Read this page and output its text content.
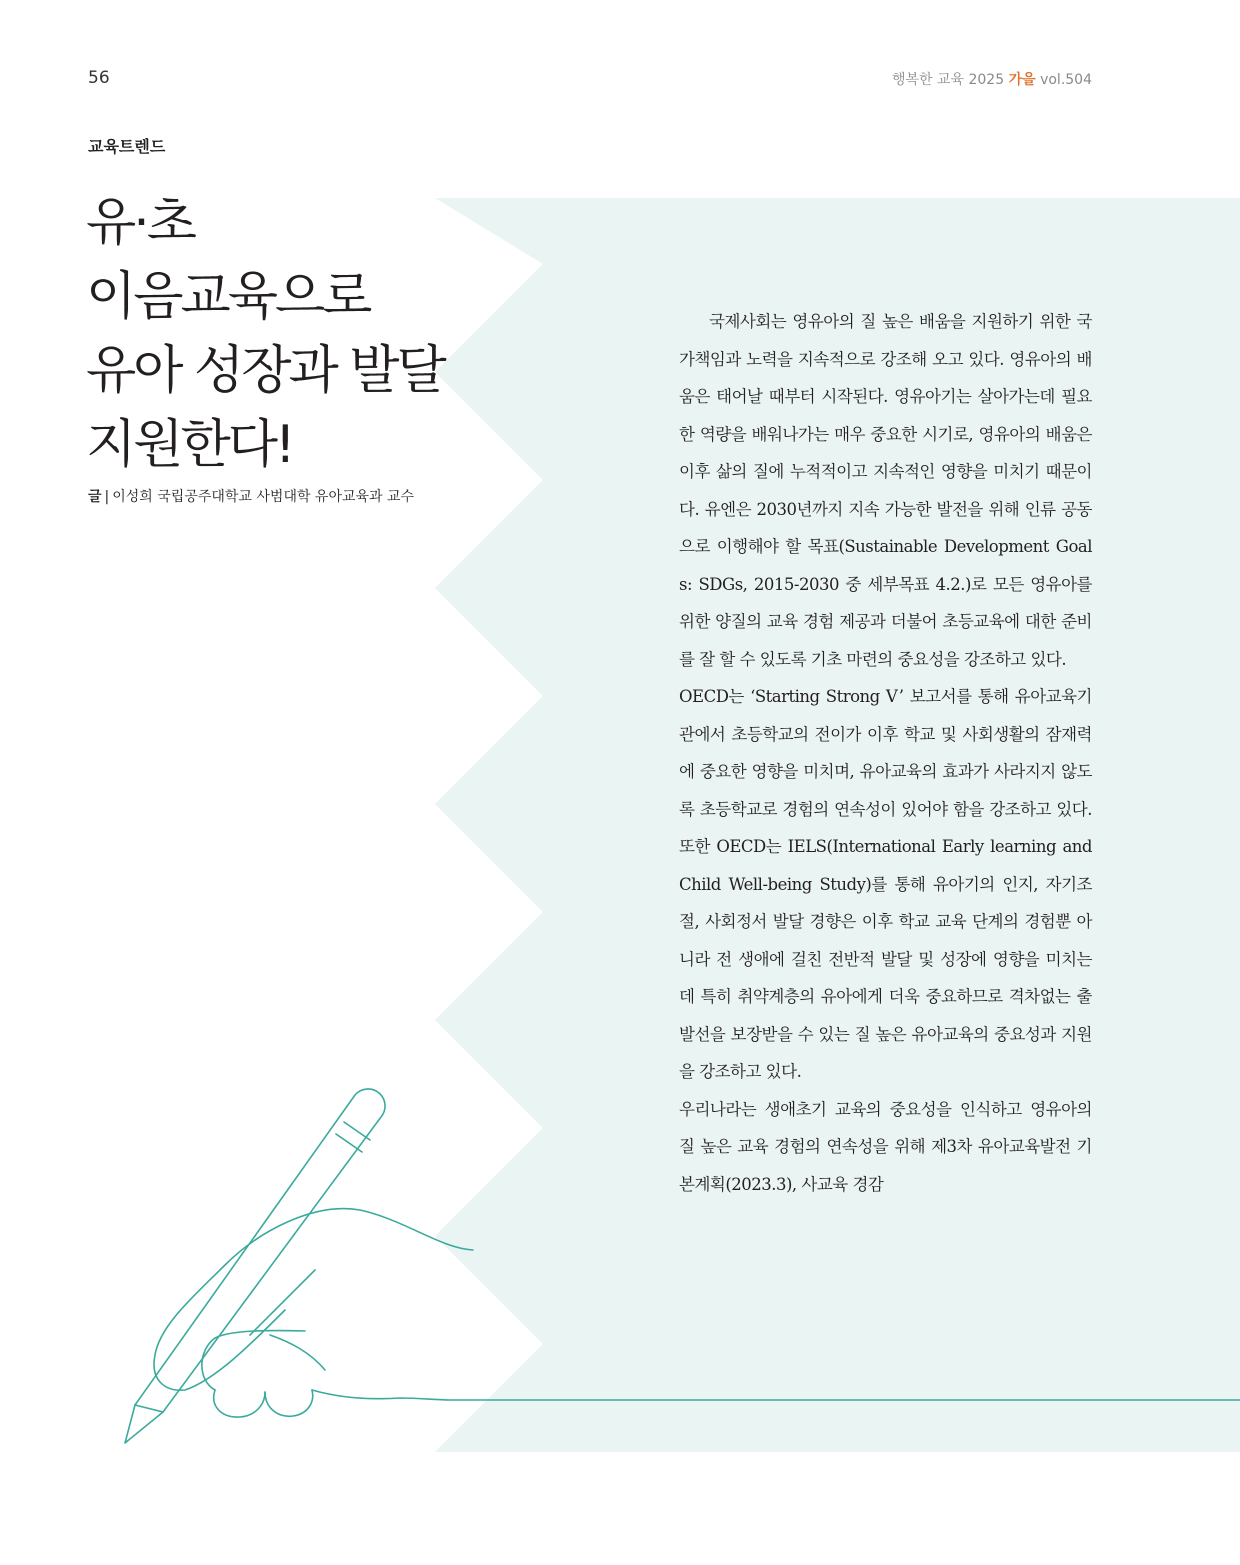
56	행복한 교육 2025 가을 vol.504
교육트렌드
유·초
이음교육으로
유아 성장과 발달
지원한다!
글 | 이성희 국립공주대학교 사범대학 유아교육과 교수

국제사회는 영유아의 질 높은 배움을 지원하기 위한 국가책임과 노력을 지속적으로 강조해 오고 있다. 영유아의 배움은 태어날 때부터 시작된다. 영유아기는 살아가는데 필요한 역량을 배워나가는 매우 중요한 시기로, 영유아의 배움은 이후 삶의 질에 누적적이고 지속적인 영향을 미치기 때문이다. 유엔은 2030년까지 지속 가능한 발전을 위해 인류 공동으로 이행해야 할 목표(Sustainable Development Goals: SDGs, 2015-2030 중 세부목표 4.2.)로 모든 영유아를 위한 양질의 교육 경험 제공과 더불어 초등교육에 대한 준비를 잘 할 수 있도록 기초 마련의 중요성을 강조하고 있다.

OECD는 ‘Starting Strong Ⅴ’ 보고서를 통해 유아교육기관에서 초등학교의 전이가 이후 학교 및 사회생활의 잠재력에 중요한 영향을 미치며, 유아교육의 효과가 사라지지 않도록 초등학교로 경험의 연속성이 있어야 함을 강조하고 있다. 또한 OECD는 IELS(International Early learning and Child Well-being Study)를 통해 유아기의 인지, 자기조절, 사회정서 발달 경향은 이후 학교 교육 단계의 경험뿐 아니라 전 생애에 걸친 전반적 발달 및 성장에 영향을 미치는데 특히 취약계층의 유아에게 더욱 중요하므로 격차없는 출발선을 보장받을 수 있는 질 높은 유아교육의 중요성과 지원을 강조하고 있다.

우리나라는 생애초기 교육의 중요성을 인식하고 영유아의 질 높은 교육 경험의 연속성을 위해 제3차 유아교육발전 기본계획(2023.3), 사교육 경감
